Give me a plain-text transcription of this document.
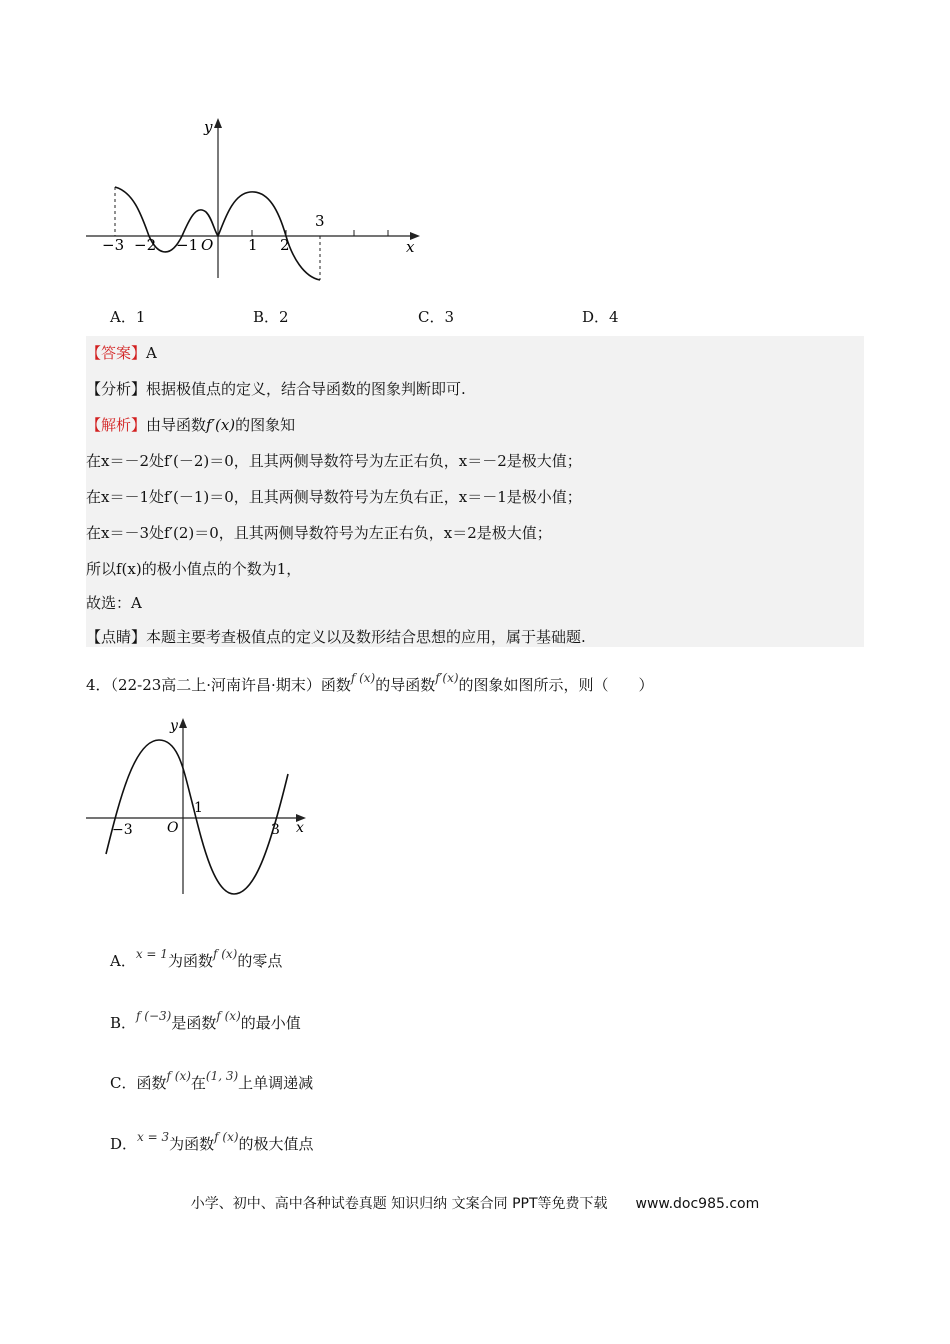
y
x
O
−3 −2 −1	1 2
3
A．1	B．2	C．3	D．4
【答案】A
【分析】根据极值点的定义，结合导函数的图象判断即可.
【解析】由导函数f′(x)的图象知
在x＝－2处f′(－2)＝0，且其两侧导数符号为左正右负，x＝－2是极大值；
在x＝－1处f′(－1)＝0，且其两侧导数符号为左负右正，x＝－1是极小值；
在x＝－3处f′(2)＝0，且其两侧导数符号为左正右负，x＝2是极大值；
所以f(x)的极小值点的个数为1，
故选：A
【点睛】本题主要考查极值点的定义以及数形结合思想的应用，属于基础题.
4．（22-23高二上·河南许昌·期末）函数$^{f (x)}$的导函数$^{f'(x)}$的图象如图所示，则（　　）
y
x
O
−3	3
1
A．$^{x = 1}$为函数$^{f (x)}$的零点
B．$^{f (-3)}$是函数$^{f (x)}$的最小值
C．函数$^{f (x)}$在$^{(1, 3)}$上单调递减
D．$^{x = 3}$为函数$^{f (x)}$的极大值点
小学、初中、高中各种试卷真题 知识归纳 文案合同 PPT等免费下载　　www.doc985.com
